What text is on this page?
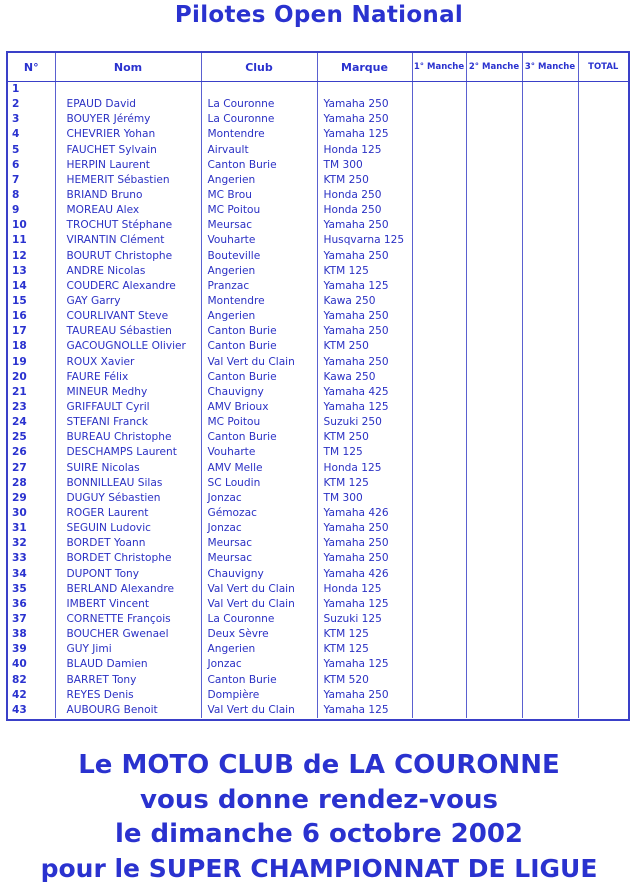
Pilotes Open National
N°	Nom	Club	Marque	1° Manche	2° Manche	3° Manche	TOTAL
1							
2	EPAUD David	La Couronne	Yamaha 250				
3	BOUYER Jérémy	La Couronne	Yamaha 250				
4	CHEVRIER Yohan	Montendre	Yamaha 125				
5	FAUCHET Sylvain	Airvault	Honda 125				
6	HERPIN Laurent	Canton Burie	TM 300				
7	HEMERIT Sébastien	Angerien	KTM 250				
8	BRIAND Bruno	MC Brou	Honda 250				
9	MOREAU Alex	MC Poitou	Honda 250				
10	TROCHUT Stéphane	Meursac	Yamaha 250				
11	VIRANTIN Clément	Vouharte	Husqvarna 125				
12	BOURUT Christophe	Bouteville	Yamaha 250				
13	ANDRE Nicolas	Angerien	KTM 125				
14	COUDERC Alexandre	Pranzac	Yamaha 125				
15	GAY Garry	Montendre	Kawa 250				
16	COURLIVANT Steve	Angerien	Yamaha 250				
17	TAUREAU Sébastien	Canton Burie	Yamaha 250				
18	GACOUGNOLLE Olivier	Canton Burie	KTM 250				
19	ROUX Xavier	Val Vert du Clain	Yamaha 250				
20	FAURE Félix	Canton Burie	Kawa 250				
21	MINEUR Medhy	Chauvigny	Yamaha 425				
23	GRIFFAULT Cyril	AMV Brioux	Yamaha 125				
24	STEFANI Franck	MC Poitou	Suzuki 250				
25	BUREAU Christophe	Canton Burie	KTM 250				
26	DESCHAMPS Laurent	Vouharte	TM 125				
27	SUIRE Nicolas	AMV Melle	Honda 125				
28	BONNILLEAU Silas	SC Loudin	KTM 125				
29	DUGUY Sébastien	Jonzac	TM 300				
30	ROGER Laurent	Gémozac	Yamaha 426				
31	SEGUIN Ludovic	Jonzac	Yamaha 250				
32	BORDET Yoann	Meursac	Yamaha 250				
33	BORDET Christophe	Meursac	Yamaha 250				
34	DUPONT Tony	Chauvigny	Yamaha 426				
35	BERLAND Alexandre	Val Vert du Clain	Honda 125				
36	IMBERT Vincent	Val Vert du Clain	Yamaha 125				
37	CORNETTE François	La Couronne	Suzuki 125				
38	BOUCHER Gwenael	Deux Sèvre	KTM 125				
39	GUY Jimi	Angerien	KTM 125				
40	BLAUD Damien	Jonzac	Yamaha 125				
82	BARRET Tony	Canton Burie	KTM 520				
42	REYES Denis	Dompière	Yamaha 250				
43	AUBOURG Benoit	Val Vert du Clain	Yamaha 125				
Le MOTO CLUB de LA COURONNE
vous donne rendez-vous
le dimanche 6 octobre 2002
pour le SUPER CHAMPIONNAT DE LIGUE
